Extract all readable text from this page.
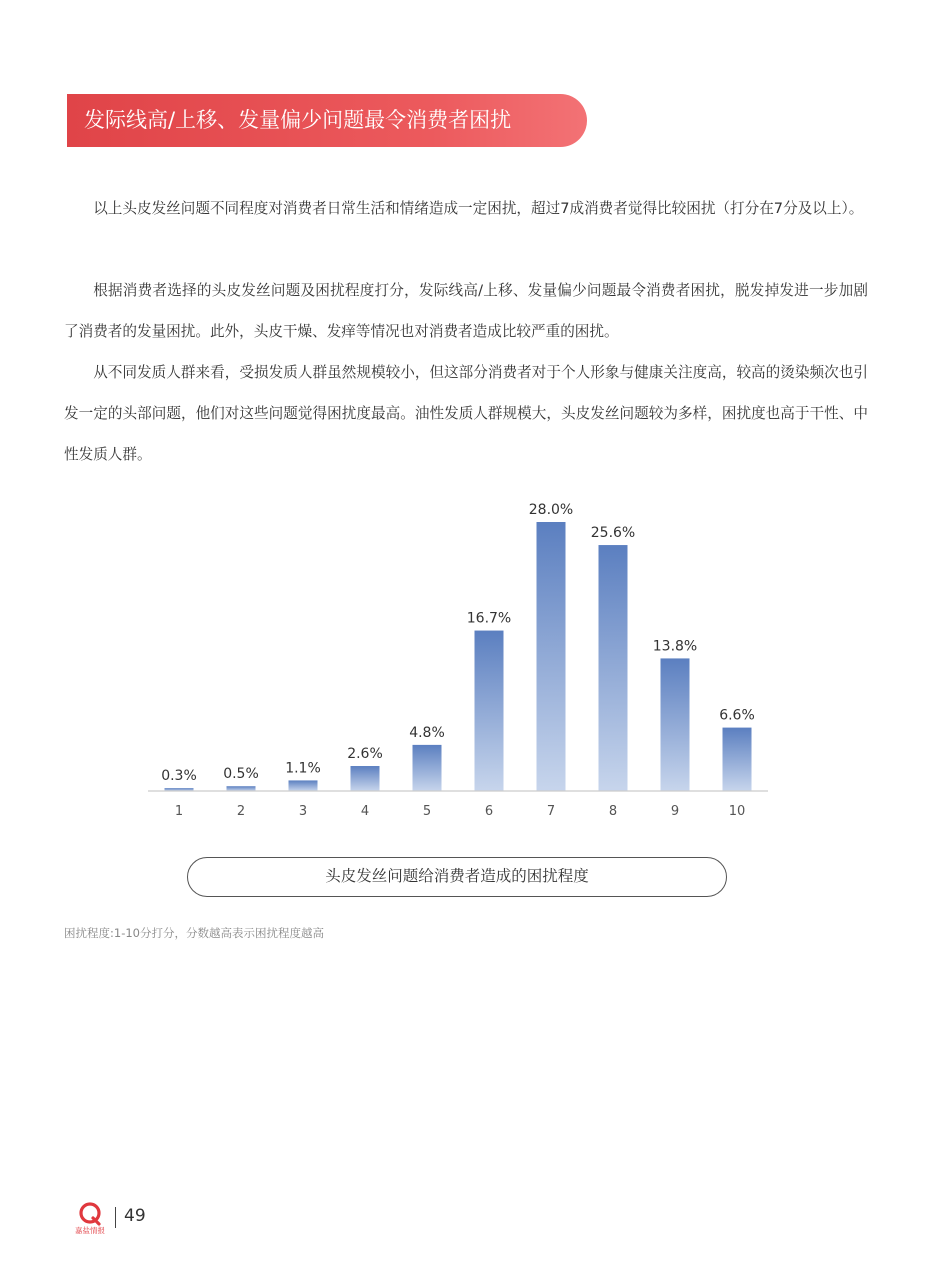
发际线高/上移、发量偏少问题最令消费者困扰

以上头皮发丝问题不同程度对消费者日常生活和情绪造成一定困扰，超过7成消费者觉得比较困扰（打分在7分及以上）。

根据消费者选择的头皮发丝问题及困扰程度打分，发际线高/上移、发量偏少问题最令消费者困扰，脱发掉发进一步加剧了消费者的发量困扰。此外，头皮干燥、发痒等情况也对消费者造成比较严重的困扰。

从不同发质人群来看，受损发质人群虽然规模较小，但这部分消费者对于个人形象与健康关注度高，较高的烫染频次也引发一定的头部问题，他们对这些问题觉得困扰度最高。油性发质人群规模大，头皮发丝问题较为多样，困扰度也高于干性、中性发质人群。

0.3%
1
0.5%
2
1.1%
3
2.6%
4
4.8%
5
16.7%
6
28.0%
7
25.6%
8
13.8%
9
6.6%
10
头皮发丝问题给消费者造成的困扰程度
困扰程度:1-10分打分，分数越高表示困扰程度越高
嘉盐情报
49
